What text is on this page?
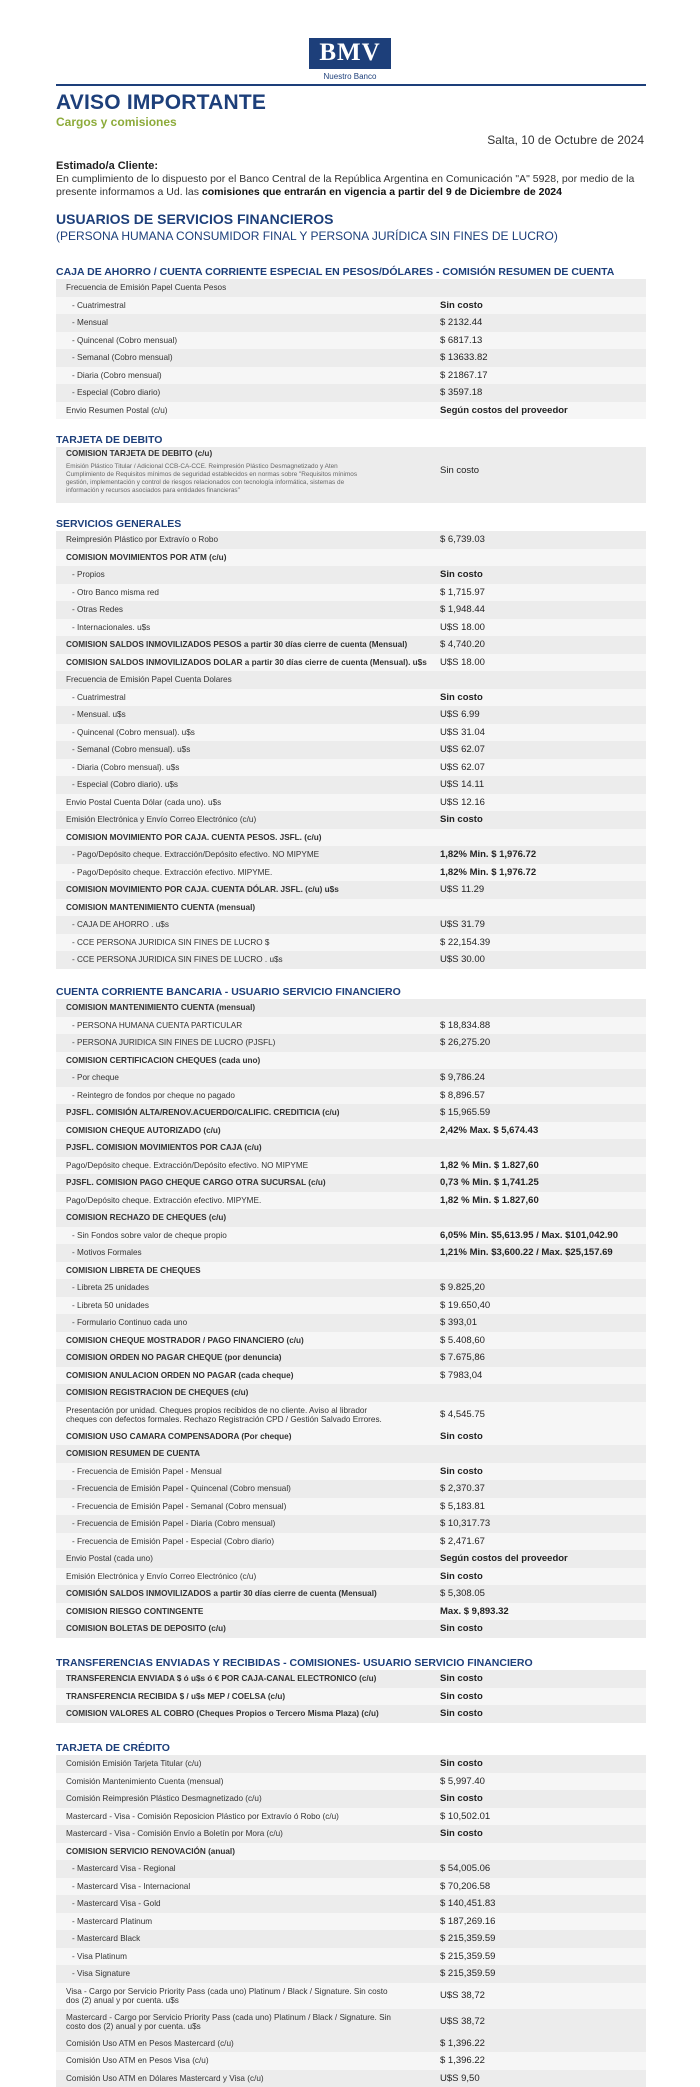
BMV
Nuestro Banco
AVISO IMPORTANTE
Cargos y comisiones
Salta, 10 de Octubre de 2024
Estimado/a Cliente:
En cumplimiento de lo dispuesto por el Banco Central de la República Argentina en Comunicación "A" 5928, por medio de la presente informamos a Ud. las comisiones que entrarán en vigencia a partir del 9 de Diciembre de 2024
USUARIOS DE SERVICIOS FINANCIEROS
(PERSONA HUMANA CONSUMIDOR FINAL Y PERSONA JURÍDICA SIN FINES DE LUCRO)
CAJA DE AHORRO / CUENTA CORRIENTE ESPECIAL EN PESOS/DÓLARES - COMISIÓN RESUMEN DE CUENTA
Frecuencia de Emisión Papel Cuenta Pesos
- Cuatrimestral	Sin costo
- Mensual	$ 2132.44
- Quincenal (Cobro mensual)	$ 6817.13
- Semanal (Cobro mensual)	$ 13633.82
- Diaria (Cobro mensual)	$ 21867.17
- Especial (Cobro diario)	$ 3597.18
Envio Resumen Postal (c/u)	Según costos del proveedor
TARJETA DE DEBITO
COMISION TARJETA DE DEBITO (c/u)
Emisión Plástico Titular / Adicional CCB-CA-CCE. Reimpresión Plástico Desmagnetizado y Aten Cumplimiento de Requisitos mínimos de seguridad establecidos en normas sobre "Requisitos mínimos gestión, implementación y control de riesgos relacionados con tecnología informática, sistemas de información y recursos asociados para entidades financieras"
Sin costo
SERVICIOS GENERALES
Reimpresión Plástico por Extravío o Robo	$ 6,739.03
COMISION MOVIMIENTOS POR ATM (c/u)
- Propios	Sin costo
- Otro Banco misma red	$ 1,715.97
- Otras Redes	$ 1,948.44
- Internacionales. u$s	U$S 18.00
COMISION SALDOS INMOVILIZADOS PESOS a partir 30 días cierre de cuenta (Mensual)	$ 4,740.20
COMISION SALDOS INMOVILIZADOS DOLAR a partir 30 días cierre de cuenta (Mensual). u$s U$S 18.00
Frecuencia de Emisión Papel Cuenta Dolares
- Cuatrimestral	Sin costo
- Mensual. u$s	U$S 6.99
- Quincenal (Cobro mensual). u$s	U$S 31.04
- Semanal (Cobro mensual). u$s	U$S 62.07
- Diaria (Cobro mensual). u$s	U$S 62.07
- Especial (Cobro diario). u$s	U$S 14.11
Envio Postal Cuenta Dólar (cada uno). u$s	U$S 12.16
Emisión Electrónica y Envío Correo Electrónico (c/u)	Sin costo
COMISION MOVIMIENTO POR CAJA. CUENTA PESOS. JSFL. (c/u)
- Pago/Depósito cheque. Extracción/Depósito efectivo. NO MIPYME	1,82% Min. $ 1,976.72
- Pago/Depósito cheque. Extracción efectivo. MIPYME.	1,82% Min. $ 1,976.72
COMISION MOVIMIENTO POR CAJA. CUENTA DÓLAR. JSFL. (c/u) u$s	U$S 11.29
COMISION MANTENIMIENTO CUENTA (mensual)
- CAJA DE AHORRO . u$s	U$S 31.79
- CCE PERSONA JURIDICA SIN FINES DE LUCRO $	$ 22,154.39
- CCE PERSONA JURIDICA SIN FINES DE LUCRO . u$s	U$S 30.00
CUENTA CORRIENTE BANCARIA - USUARIO SERVICIO FINANCIERO
COMISION MANTENIMIENTO CUENTA (mensual)
- PERSONA HUMANA CUENTA PARTICULAR	$ 18,834.88
- PERSONA JURIDICA SIN FINES DE LUCRO (PJSFL)	$ 26,275.20
COMISION CERTIFICACION CHEQUES (cada uno)
- Por cheque	$ 9,786.24
- Reintegro de fondos por cheque no pagado	$ 8,896.57
PJSFL. COMISIÓN ALTA/RENOV.ACUERDO/CALIFIC. CREDITICIA (c/u)	$ 15,965.59
COMISION CHEQUE AUTORIZADO (c/u)	2,42% Max. $ 5,674.43
PJSFL. COMISION MOVIMIENTOS POR CAJA (c/u)
Pago/Depósito cheque. Extracción/Depósito efectivo. NO MIPYME	1,82 % Min. $ 1.827,60
PJSFL. COMISION PAGO CHEQUE CARGO OTRA SUCURSAL (c/u)	0,73 % Min. $ 1,741.25
Pago/Depósito cheque. Extracción efectivo. MIPYME.	1,82 % Min. $ 1.827,60
COMISION RECHAZO DE CHEQUES (c/u)
- Sin Fondos sobre valor de cheque propio	6,05% Min. $5,613.95 / Max. $101,042.90
- Motivos Formales	1,21% Min. $3,600.22 / Max. $25,157.69
COMISION LIBRETA DE CHEQUES
- Libreta 25 unidades	$ 9.825,20
- Libreta 50 unidades	$ 19.650,40
- Formulario Continuo cada uno	$ 393,01
COMISION CHEQUE MOSTRADOR / PAGO FINANCIERO (c/u)	$ 5.408,60
COMISION ORDEN NO PAGAR CHEQUE (por denuncia)	$ 7.675,86
COMISION ANULACION ORDEN NO PAGAR (cada cheque)	$ 7983,04
COMISION REGISTRACION DE CHEQUES (c/u)
Presentación por unidad. Cheques propios recibidos de no cliente. Aviso al librador cheques con defectos formales. Rechazo Registración CPD / Gestión Salvado Errores.	$ 4,545.75
COMISION USO CAMARA COMPENSADORA (Por cheque)	Sin costo
COMISION RESUMEN DE CUENTA
- Frecuencia de Emisión Papel - Mensual	Sin costo
- Frecuencia de Emisión Papel - Quincenal (Cobro mensual)	$ 2,370.37
- Frecuencia de Emisión Papel - Semanal (Cobro mensual)	$ 5,183.81
- Frecuencia de Emisión Papel - Diaria (Cobro mensual)	$ 10,317.73
- Frecuencia de Emisión Papel - Especial (Cobro diario)	$ 2,471.67
Envio Postal (cada uno)	Según costos del proveedor
Emisión Electrónica y Envío Correo Electrónico (c/u)	Sin costo
COMISIÓN SALDOS INMOVILIZADOS a partir 30 días cierre de cuenta (Mensual)	$ 5,308.05
COMISION RIESGO CONTINGENTE	Max. $ 9,893.32
COMISION BOLETAS DE DEPOSITO (c/u)	Sin costo
TRANSFERENCIAS ENVIADAS Y RECIBIDAS - COMISIONES- USUARIO SERVICIO FINANCIERO
TRANSFERENCIA ENVIADA $ ó u$s ó € POR CAJA-CANAL ELECTRONICO (c/u)	Sin costo
TRANSFERENCIA RECIBIDA $ / u$s MEP / COELSA (c/u)	Sin costo
COMISION VALORES AL COBRO (Cheques Propios o Tercero Misma Plaza) (c/u)	Sin costo
TARJETA DE CRÉDITO
Comisión Emisión Tarjeta Titular (c/u)	Sin costo
Comisión Mantenimiento Cuenta (mensual)	$ 5,997.40
Comisión Reimpresión Plástico Desmagnetizado (c/u)	Sin costo
Mastercard - Visa - Comisión Reposicion Plástico por Extravío ó Robo (c/u)	$ 10,502.01
Mastercard - Visa - Comisión Envío a Boletín por Mora (c/u)	Sin costo
COMISION SERVICIO RENOVACIÓN (anual)
- Mastercard Visa - Regional	$ 54,005.06
- Mastercard Visa - Internacional	$ 70,206.58
- Mastercard Visa - Gold	$ 140,451.83
- Mastercard Platinum	$ 187,269.16
- Mastercard Black	$ 215,359.59
- Visa Platinum	$ 215,359.59
- Visa Signature	$ 215,359.59
Visa - Cargo por Servicio Priority Pass (cada uno) Platinum / Black / Signature. Sin costo dos (2) anual y por cuenta. u$s	U$S 38,72
Mastercard - Cargo por Servicio Priority Pass (cada uno) Platinum / Black / Signature. Sin costo dos (2) anual y por cuenta. u$s	U$S 38,72
Comisión Uso ATM en Pesos Mastercard (c/u)	$ 1,396.22
Comisión Uso ATM en Pesos Visa (c/u)	$ 1,396.22
Comisión Uso ATM en Dólares Mastercard y Visa (c/u)	U$S 9,50
